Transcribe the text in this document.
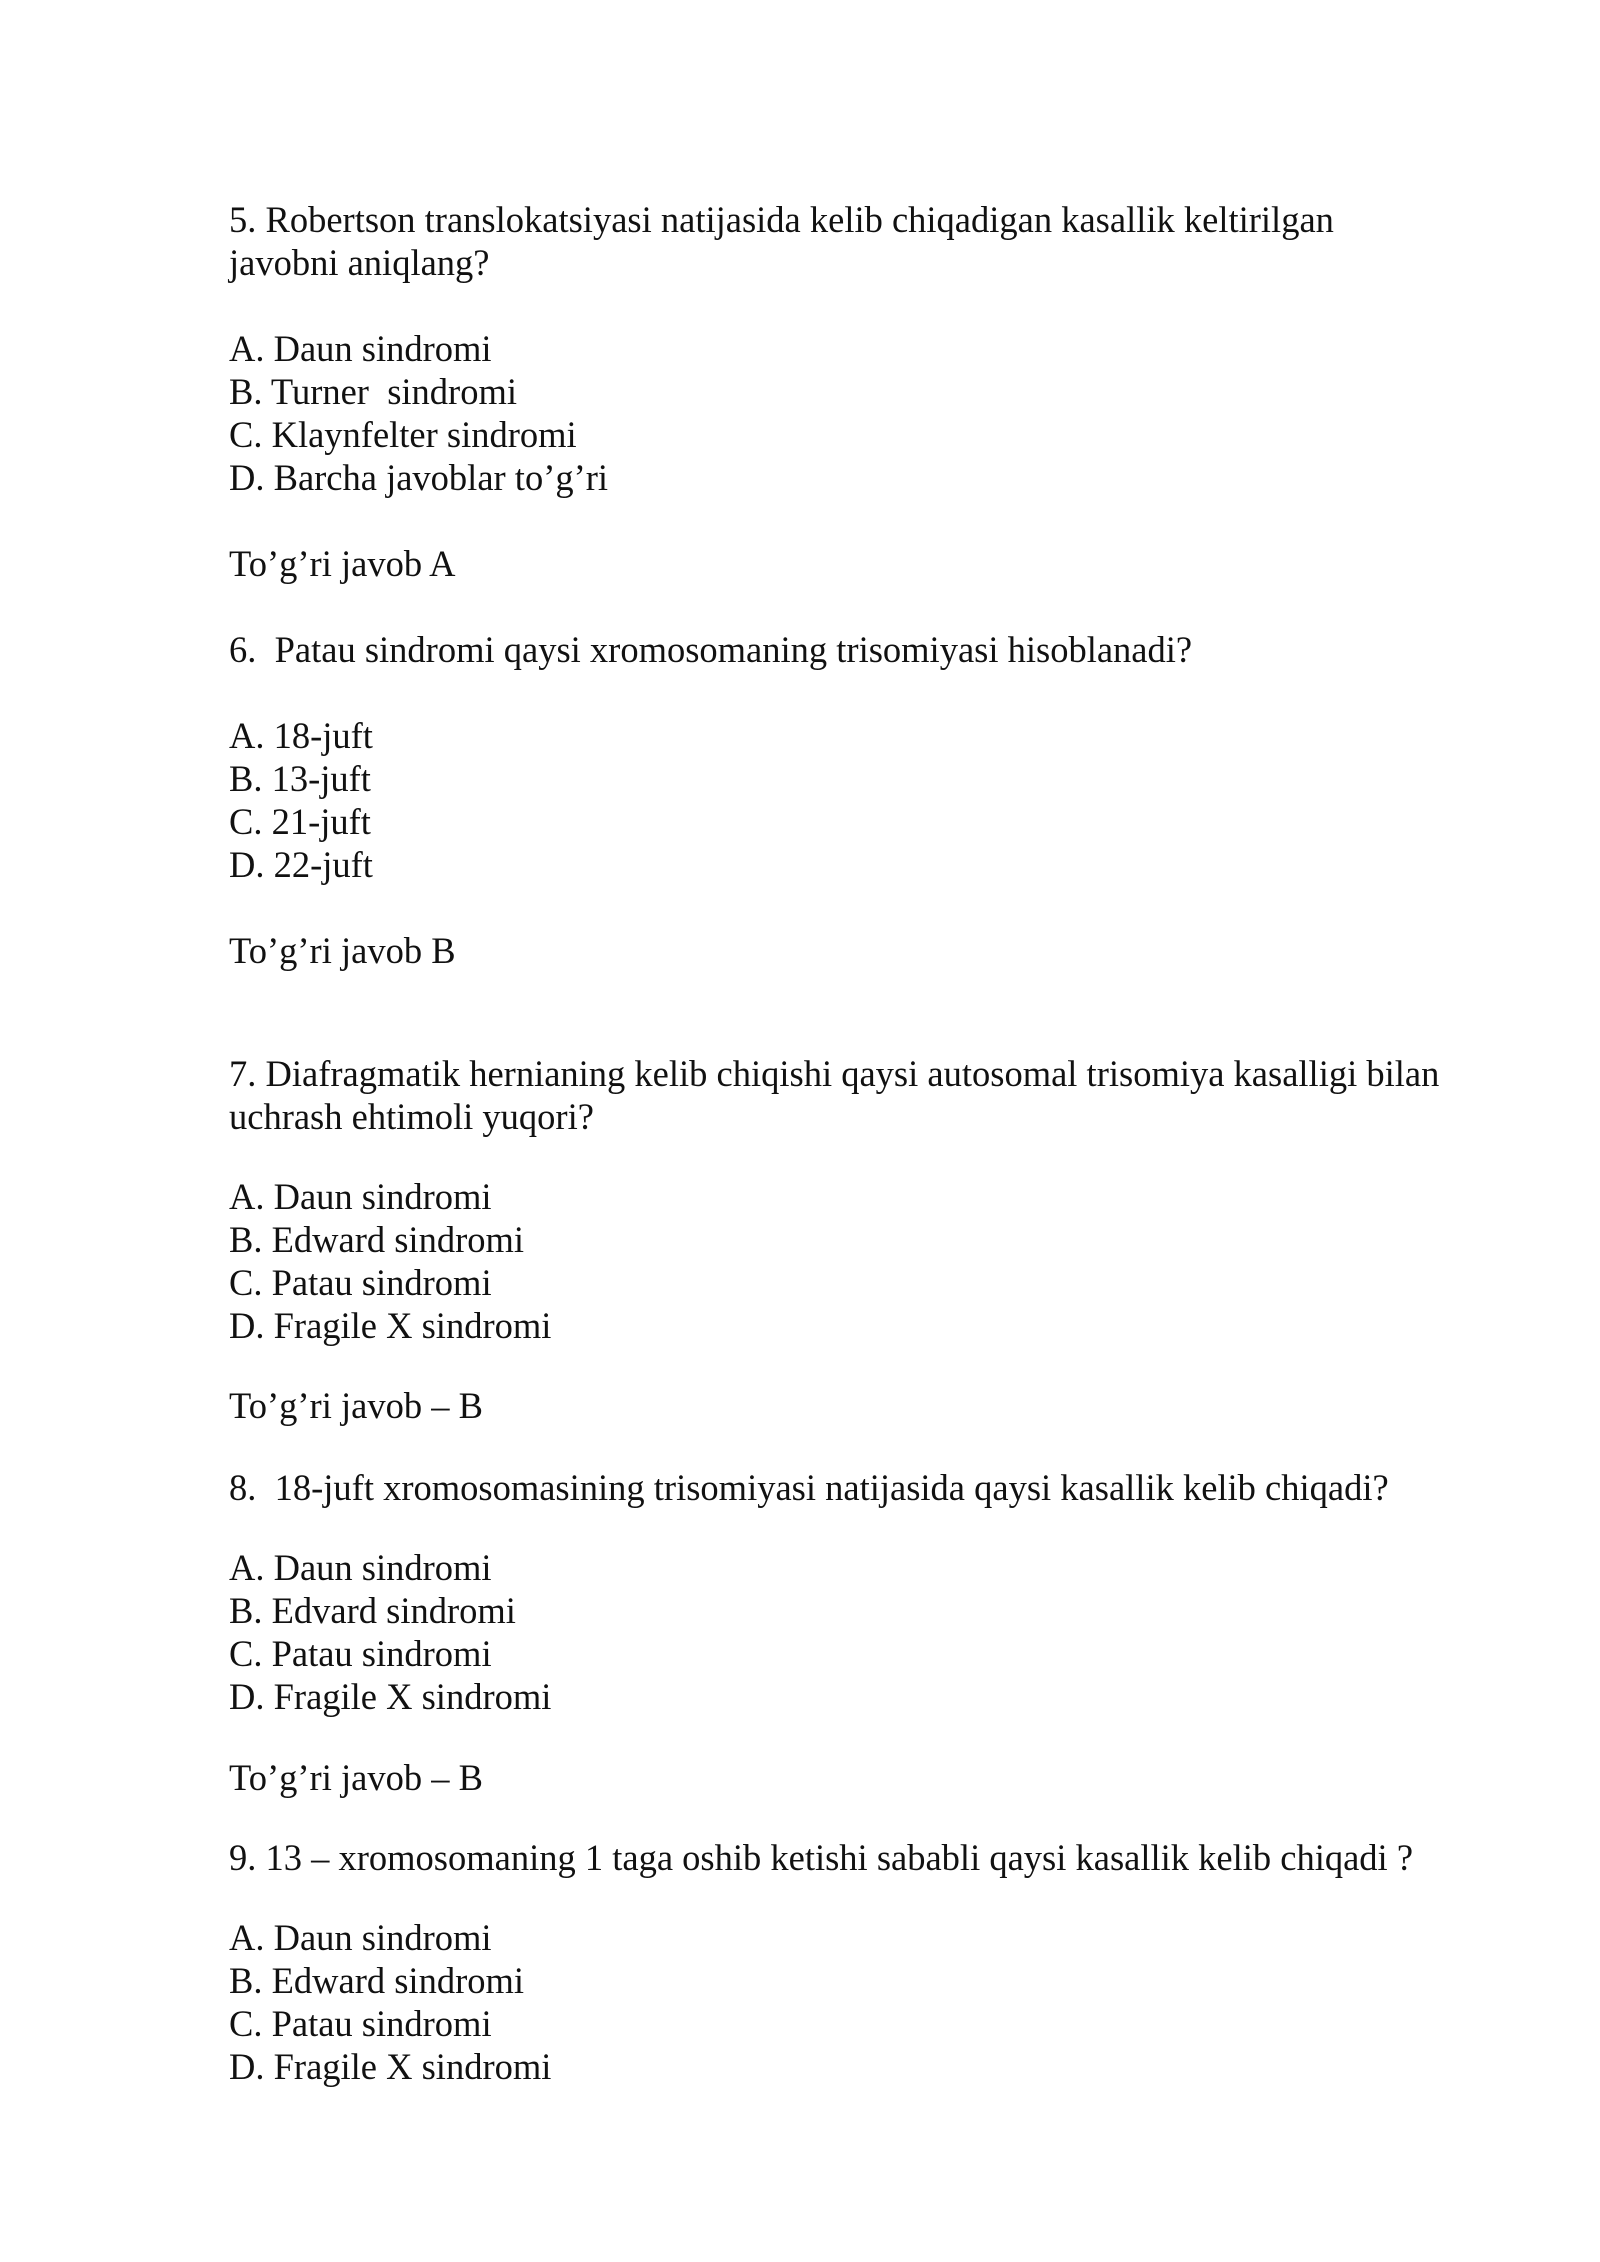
5. Robertson translokatsiyasi natijasida kelib chiqadigan kasallik keltirilgan

javobni aniqlang?

A. Daun sindromi

B. Turner  sindromi

C. Klaynfelter sindromi

D. Barcha javoblar to’g’ri

To’g’ri javob A

6.  Patau sindromi qaysi xromosomaning trisomiyasi hisoblanadi?

A. 18-juft

B. 13-juft

C. 21-juft

D. 22-juft

To’g’ri javob B

7. Diafragmatik hernianing kelib chiqishi qaysi autosomal trisomiya kasalligi bilan

uchrash ehtimoli yuqori?

A. Daun sindromi

B. Edward sindromi

C. Patau sindromi

D. Fragile X sindromi

To’g’ri javob – B

8.  18-juft xromosomasining trisomiyasi natijasida qaysi kasallik kelib chiqadi?

A. Daun sindromi

B. Edvard sindromi

C. Patau sindromi

D. Fragile X sindromi

To’g’ri javob – B

9. 13 – xromosomaning 1 taga oshib ketishi sababli qaysi kasallik kelib chiqadi ?

A. Daun sindromi

B. Edward sindromi

C. Patau sindromi

D. Fragile X sindromi
